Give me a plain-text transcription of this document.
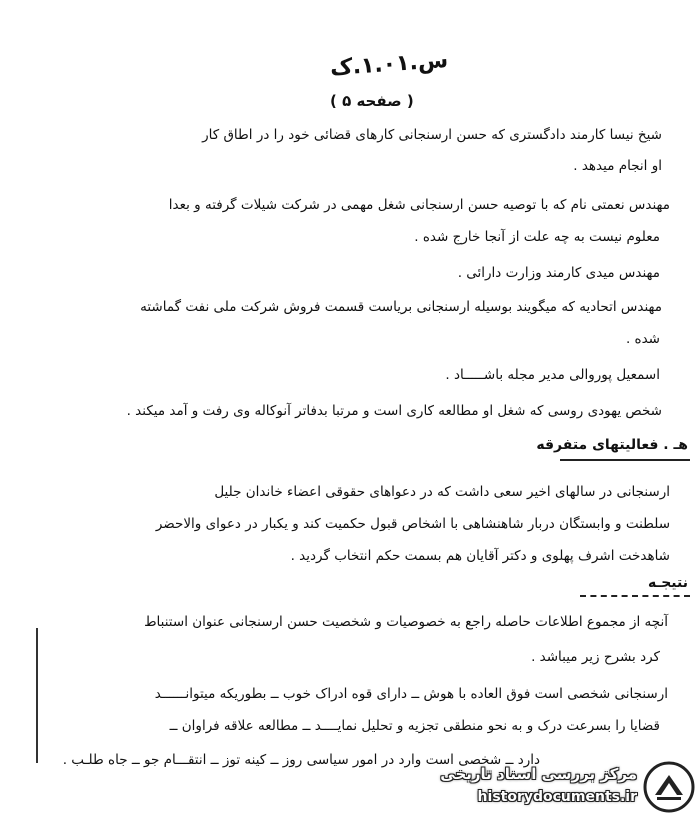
س.١.٠١.ک
( صفحه ۵ )
شیخ نیسا کارمند دادگستری که حسن ارسنجانی کارهای قضائی خود را در اطاق کار
او انجام میدهد .
مهندس نعمتی نام که با توصیه حسن ارسنجانی شغل مهمی در شرکت شیلات گرفته و بعدا
معلوم نیست به چه علت از آنجا خارج شده .
مهندس میدی کارمند وزارت دارائی .
مهندس اتحادیه که میگویند بوسیله ارسنجانی بریاست قسمت فروش شرکت ملی نفت گماشته
شده .
اسمعیل پوروالی مدیر مجله باشـــــاد .
شخص یهودی روسی که شغل او مطالعه کاری است و مرتبا بدفاتر آنوکاله وی رفت و آمد میکند .
هـ . فعالیتهای متفرقه
ارسنجانی در سالهای اخیر سعی داشت که در دعواهای حقوقی اعضاء خاندان جلیل
سلطنت و وابستگان دربار شاهنشاهی با اشخاص قبول حکمیت کند و یکبار در دعوای والاحضر
شاهدخت اشرف پهلوی و دکتر آقایان هم بسمت حکم انتخاب گردید .
نتیجـه
آنچه از مجموع اطلاعات حاصله راجع به خصوصیات و شخصیت حسن ارسنجانی عنوان استنباط
کرد بشرح زیر میباشد .
ارسنجانی شخصی است فوق العاده با هوش ــ دارای قوه ادراک خوب ــ بطوریکه میتوانــــــد
قضایا را بسرعت درک و به نحو منطقی تجزیه و تحلیل نمایــــد ــ مطالعه علاقه فراوان ــ
دارد ــ شخصی است وارد در امور سیاسی روز ــ کینه توز ــ انتقـــام جو ــ جاه طلـب .
مرکز بررسی اسناد تاریخی
historydocuments.ir
